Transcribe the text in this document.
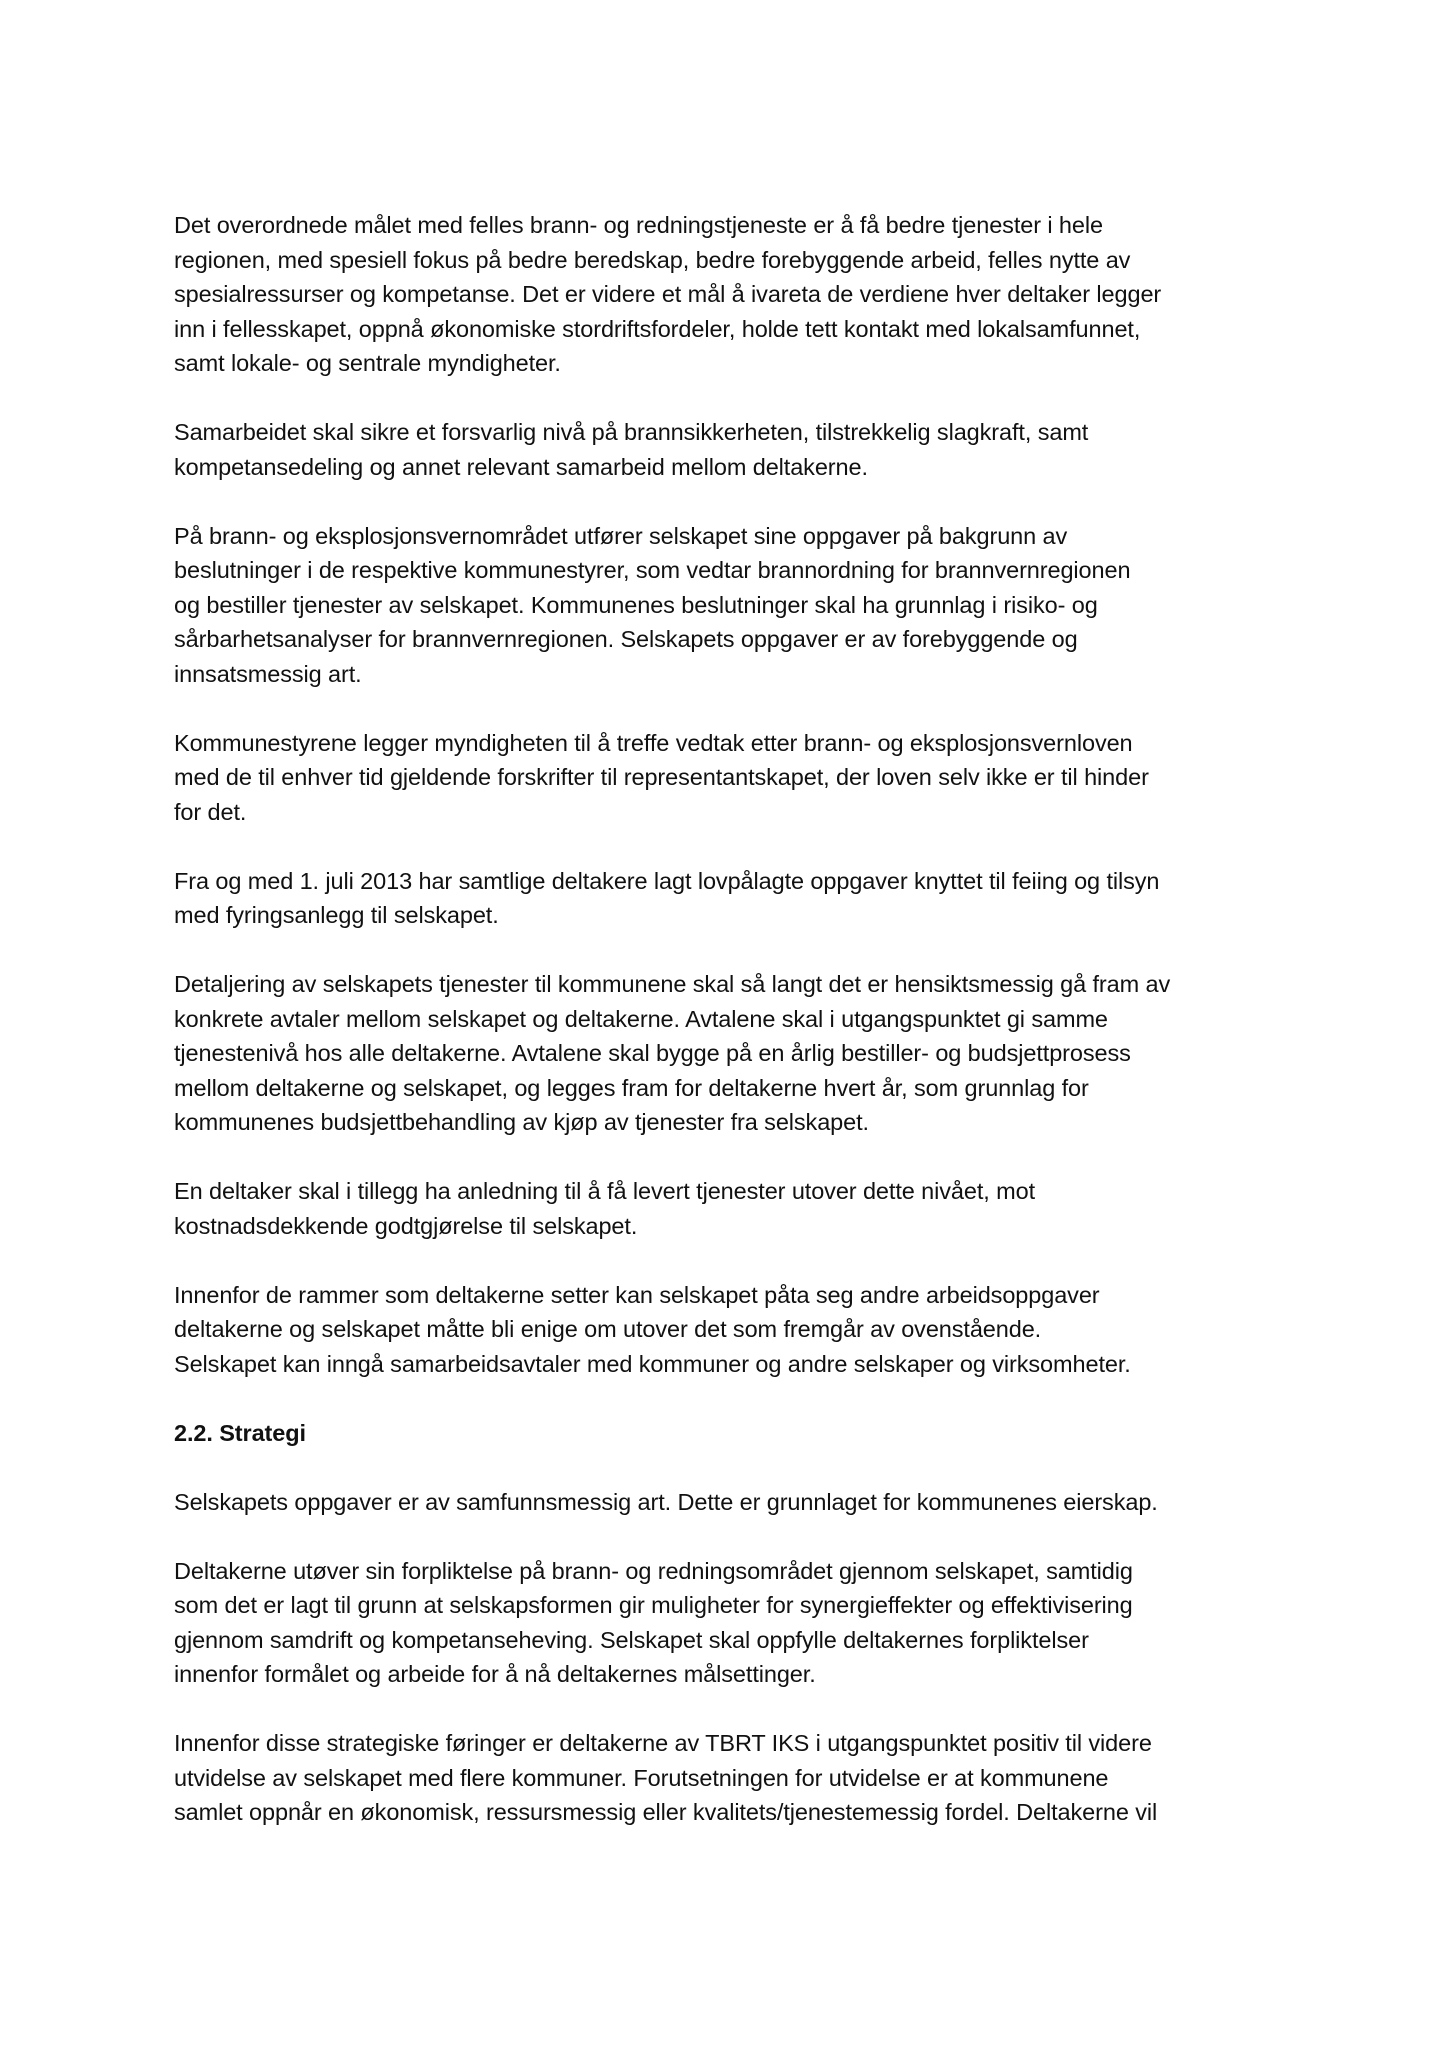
Det overordnede målet med felles brann- og redningstjeneste er å få bedre tjenester i hele
regionen, med spesiell fokus på bedre beredskap, bedre forebyggende arbeid, felles nytte av
spesialressurser og kompetanse. Det er videre et mål å ivareta de verdiene hver deltaker legger
inn i fellesskapet, oppnå økonomiske stordriftsfordeler, holde tett kontakt med lokalsamfunnet,
samt lokale- og sentrale myndigheter.
Samarbeidet skal sikre et forsvarlig nivå på brannsikkerheten, tilstrekkelig slagkraft, samt
kompetansedeling og annet relevant samarbeid mellom deltakerne.
På brann- og eksplosjonsvernområdet utfører selskapet sine oppgaver på bakgrunn av
beslutninger i de respektive kommunestyrer, som vedtar brannordning for brannvernregionen
og bestiller tjenester av selskapet. Kommunenes beslutninger skal ha grunnlag i risiko- og
sårbarhetsanalyser for brannvernregionen. Selskapets oppgaver er av forebyggende og
innsatsmessig art.
Kommunestyrene legger myndigheten til å treffe vedtak etter brann- og eksplosjonsvernloven
med de til enhver tid gjeldende forskrifter til representantskapet, der loven selv ikke er til hinder
for det.
Fra og med 1. juli 2013 har samtlige deltakere lagt lovpålagte oppgaver knyttet til feiing og tilsyn
med fyringsanlegg til selskapet.
Detaljering av selskapets tjenester til kommunene skal så langt det er hensiktsmessig gå fram av
konkrete avtaler mellom selskapet og deltakerne. Avtalene skal i utgangspunktet gi samme
tjenestenivå hos alle deltakerne. Avtalene skal bygge på en årlig bestiller- og budsjettprosess
mellom deltakerne og selskapet, og legges fram for deltakerne hvert år, som grunnlag for
kommunenes budsjettbehandling av kjøp av tjenester fra selskapet.
En deltaker skal i tillegg ha anledning til å få levert tjenester utover dette nivået, mot
kostnadsdekkende godtgjørelse til selskapet.
Innenfor de rammer som deltakerne setter kan selskapet påta seg andre arbeidsoppgaver
deltakerne og selskapet måtte bli enige om utover det som fremgår av ovenstående.
Selskapet kan inngå samarbeidsavtaler med kommuner og andre selskaper og virksomheter.
2.2. Strategi
Selskapets oppgaver er av samfunnsmessig art. Dette er grunnlaget for kommunenes eierskap.
Deltakerne utøver sin forpliktelse på brann- og redningsområdet gjennom selskapet, samtidig
som det er lagt til grunn at selskapsformen gir muligheter for synergieffekter og effektivisering
gjennom samdrift og kompetanseheving. Selskapet skal oppfylle deltakernes forpliktelser
innenfor formålet og arbeide for å nå deltakernes målsettinger.
Innenfor disse strategiske føringer er deltakerne av TBRT IKS i utgangspunktet positiv til videre
utvidelse av selskapet med flere kommuner. Forutsetningen for utvidelse er at kommunene
samlet oppnår en økonomisk, ressursmessig eller kvalitets/tjenestemessig fordel. Deltakerne vil
